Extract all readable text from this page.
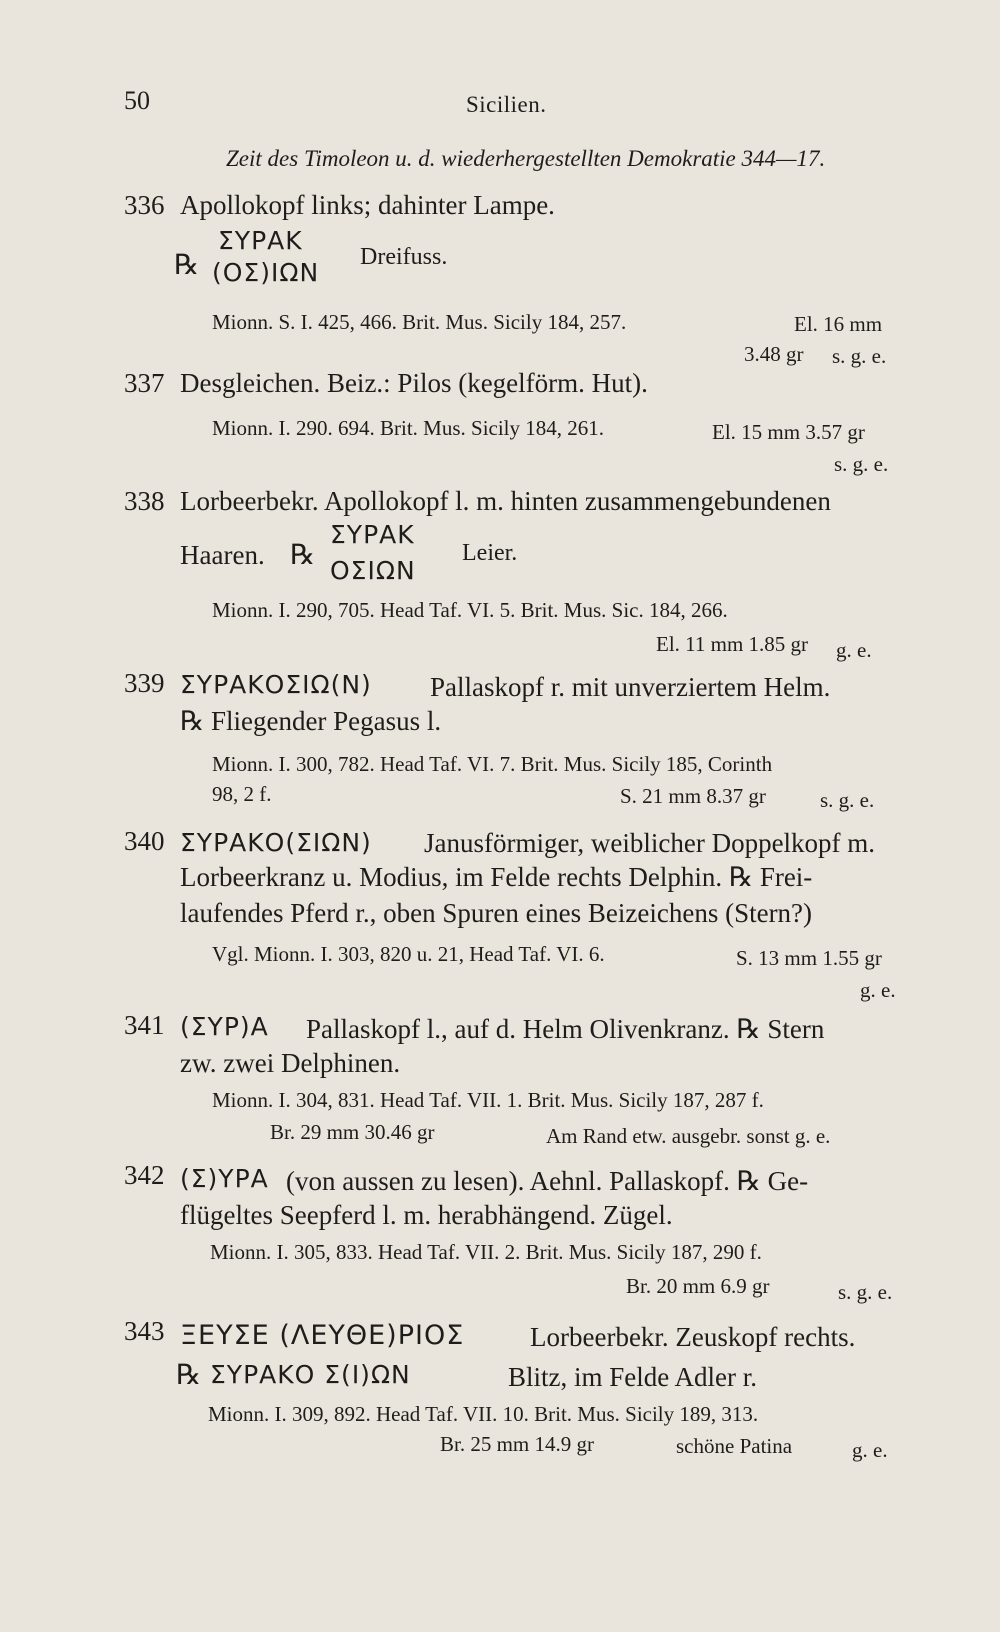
50	Sicilien.
Zeit des Timoleon u. d. wiederhergestellten Demokratie 344—17.
336 Apollokopf links; dahinter Lampe.
℞
ΣΥΡΑΚ
(ΟΣ)ΙΩΝ
Dreifuss.
Mionn. S. I. 425, 466. Brit. Mus. Sicily 184, 257.	El. 16 mm
3.48 gr s. g. e.
337 Desgleichen. Beiz.: Pilos (kegelförm. Hut).
Mionn. I. 290. 694. Brit. Mus. Sicily 184, 261.	El. 15 mm 3.57 gr
s. g. e.
338 Lorbeerbekr. Apollokopf l. m. hinten zusammengebundenen
Haaren. ℞
ΣΥΡΑΚ
ΟΣΙΩΝ
Leier.
Mionn. I. 290, 705. Head Taf. VI. 5. Brit. Mus. Sic. 184, 266.
El. 11 mm 1.85 gr g. e.
339 ΣΥΡΑΚΟΣΙΩ(Ν) Pallaskopf r. mit unverziertem Helm.
℞ Fliegender Pegasus l.
Mionn. I. 300, 782. Head Taf. VI. 7. Brit. Mus. Sicily 185, Corinth
98, 2 f.	S. 21 mm 8.37 gr	s. g. e.
340 ΣΥΡΑΚΟ(ΣΙΩΝ) Janusförmiger, weiblicher Doppelkopf m.
Lorbeerkranz u. Modius, im Felde rechts Delphin. ℞ Frei-
laufendes Pferd r., oben Spuren eines Beizeichens (Stern?)
Vgl. Mionn. I. 303, 820 u. 21, Head Taf. VI. 6.	S. 13 mm 1.55 gr
g. e.
341 (ΣΥΡ)Α Pallaskopf l., auf d. Helm Olivenkranz. ℞ Stern
zw. zwei Delphinen.
Mionn. I. 304, 831. Head Taf. VII. 1. Brit. Mus. Sicily 187, 287 f.
Br. 29 mm 30.46 gr	Am Rand etw. ausgebr. sonst g. e.
342 (Σ)ΥΡΑ (von aussen zu lesen). Aehnl. Pallaskopf. ℞ Ge-
flügeltes Seepferd l. m. herabhängend. Zügel.
Mionn. I. 305, 833. Head Taf. VII. 2. Brit. Mus. Sicily 187, 290 f.
Br. 20 mm 6.9 gr	s. g. e.
343 ΞΕΥΣΕ (ΛΕΥΘΕ)ΡΙΟΣ Lorbeerbekr. Zeuskopf rechts.
℞ ΣΥΡΑΚΟ Σ(Ι)ΩΝ	Blitz, im Felde Adler r.
Mionn. I. 309, 892. Head Taf. VII. 10. Brit. Mus. Sicily 189, 313.
Br. 25 mm 14.9 gr	schöne Patina	g. e.
